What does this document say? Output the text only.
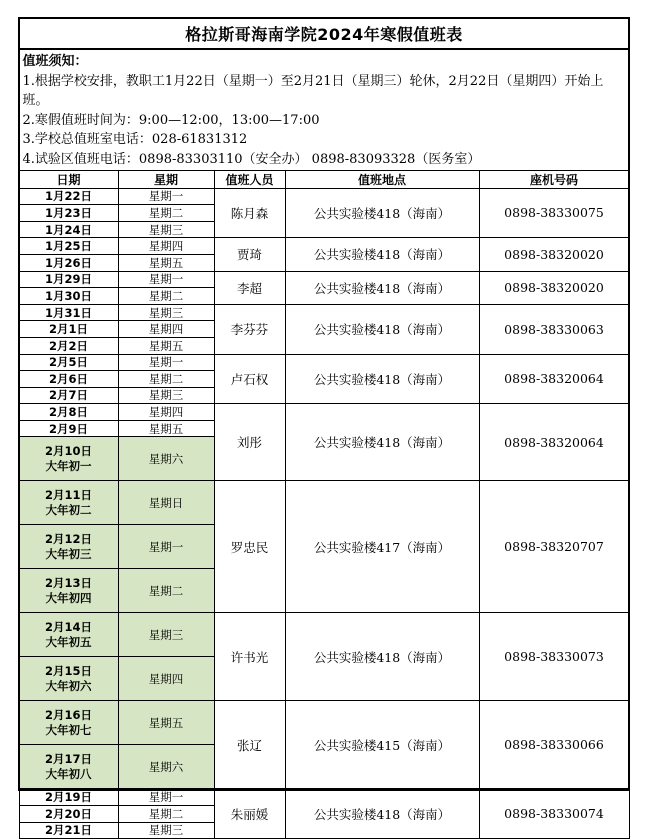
格拉斯哥海南学院2024年寒假值班表				

值班须知：
1.根据学校安排，教职工1月22日（星期一）至2月21日（星期三）轮休，2月22日（星期四）开始上班。
2.寒假值班时间为：9:00—12:00，13:00—17:00
3.学校总值班室电话：028-61831312
4.试验区值班电话：0898-83303110（安全办） 0898-83093328（医务室）				

日期	星期	值班人员	值班地点	座机号码

1月22日	星期一	陈月森	公共实验楼418（海南）	0898-38330075

1月23日	星期二			

1月24日	星期三			

1月25日	星期四	贾琦	公共实验楼418（海南）	0898-38320020

1月26日	星期五			

1月29日	星期一	李超	公共实验楼418（海南）	0898-38320020

1月30日	星期二			

1月31日	星期三	李芬芬	公共实验楼418（海南）	0898-38330063

2月1日	星期四			

2月2日	星期五			

2月5日	星期一	卢石权	公共实验楼418（海南）	0898-38320064

2月6日	星期二			

2月7日	星期三			

2月8日	星期四	刘彤	公共实验楼418（海南）	0898-38320064

2月9日	星期五			

2月10日
大年初一	星期六			

2月11日
大年初二	星期日	罗忠民	公共实验楼417（海南）	0898-38320707

2月12日
大年初三	星期一			

2月13日
大年初四	星期二			

2月14日
大年初五	星期三	许书光	公共实验楼418（海南）	0898-38330073

2月15日
大年初六	星期四			

2月16日
大年初七	星期五	张辽	公共实验楼415（海南）	0898-38330066

2月17日
大年初八	星期六			

2月19日	星期一	朱丽媛	公共实验楼418（海南）	0898-38330074

2月20日	星期二			

2月21日	星期三			
